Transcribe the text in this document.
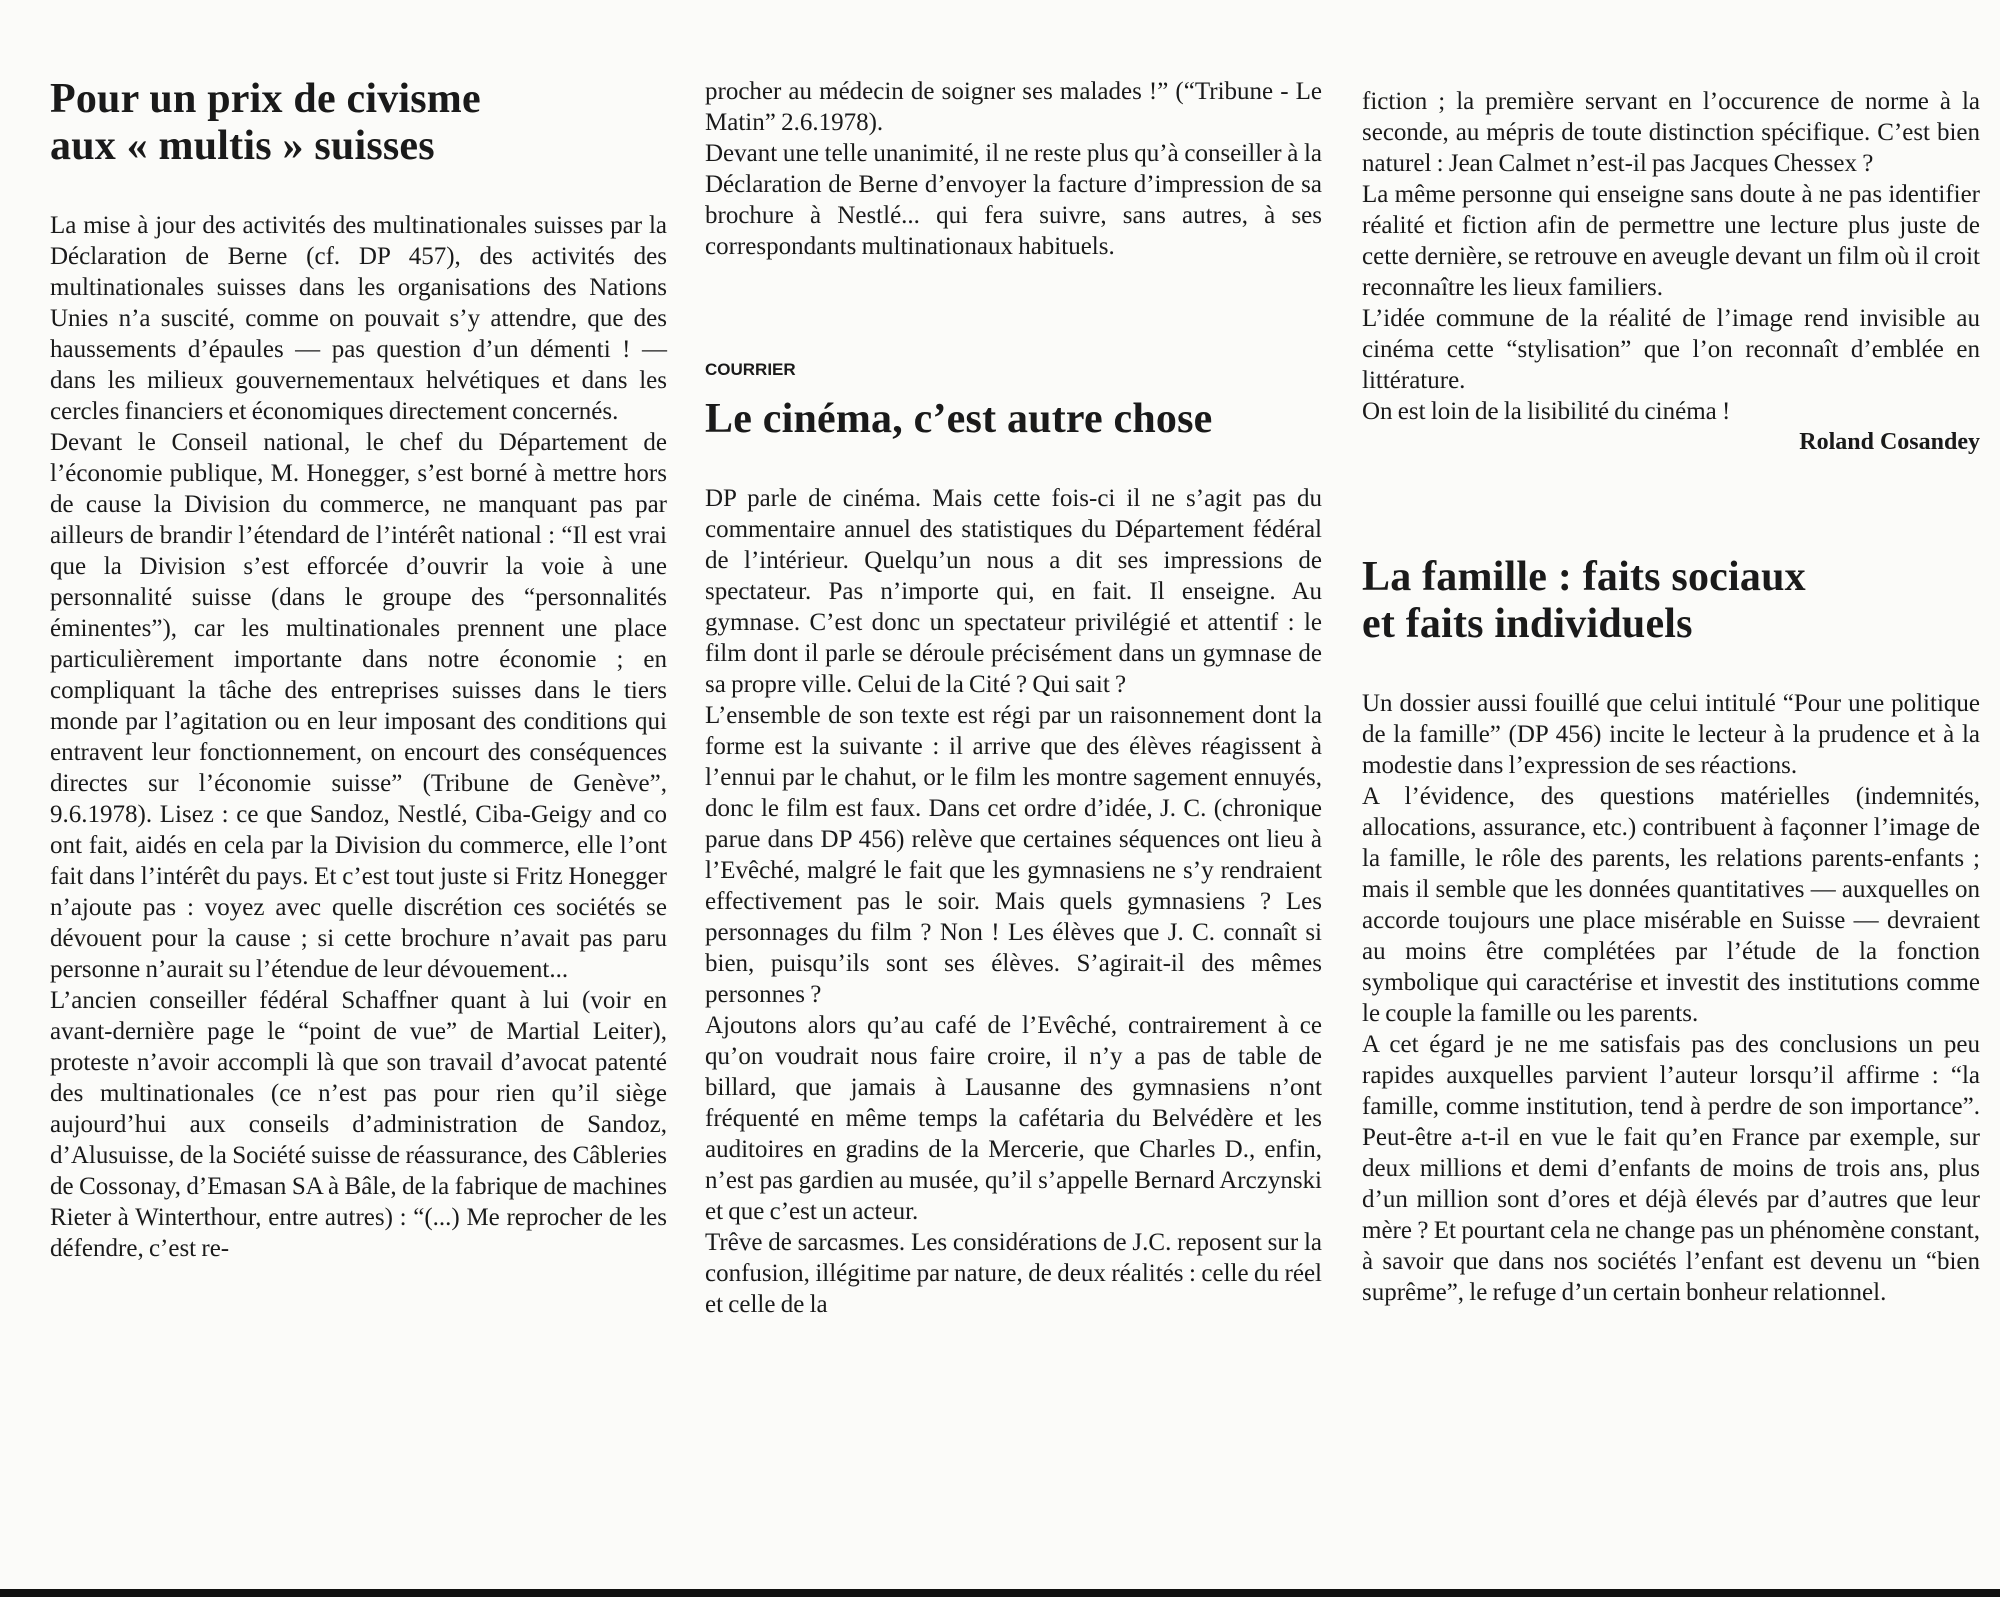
Pour un prix de civisme
aux « multis » suisses

La mise à jour des activités des multinationales suisses par la Déclaration de Berne (cf. DP 457), des activités des multinationales suisses dans les organisations des Nations Unies n’a suscité, comme on pouvait s’y attendre, que des haussements d’épaules — pas question d’un démenti ! — dans les milieux gouvernementaux helvétiques et dans les cercles financiers et économiques directement concernés.

Devant le Conseil national, le chef du Département de l’économie publique, M. Honegger, s’est borné à mettre hors de cause la Division du commerce, ne manquant pas par ailleurs de brandir l’étendard de l’intérêt national : “Il est vrai que la Division s’est efforcée d’ouvrir la voie à une personnalité suisse (dans le groupe des “personnalités éminentes”), car les multinationales prennent une place particulièrement importante dans notre économie ; en compliquant la tâche des entreprises suisses dans le tiers monde par l’agitation ou en leur imposant des conditions qui entravent leur fonctionnement, on encourt des conséquences directes sur l’économie suisse” (Tribune de Genève”, 9.6.1978). Lisez : ce que Sandoz, Nestlé, Ciba-Geigy and co ont fait, aidés en cela par la Division du commerce, elle l’ont fait dans l’intérêt du pays. Et c’est tout juste si Fritz Honegger n’ajoute pas : voyez avec quelle discrétion ces sociétés se dévouent pour la cause ; si cette brochure n’avait pas paru personne n’aurait su l’étendue de leur dévouement...

L’ancien conseiller fédéral Schaffner quant à lui (voir en avant-dernière page le “point de vue” de Martial Leiter), proteste n’avoir accompli là que son travail d’avocat patenté des multinationales (ce n’est pas pour rien qu’il siège aujourd’hui aux conseils d’administration de Sandoz, d’Alusuisse, de la Société suisse de réassurance, des Câbleries de Cossonay, d’Emasan SA à Bâle, de la fabrique de machines Rieter à Winterthour, entre autres) : “(...) Me reprocher de les défendre, c’est re-

procher au médecin de soigner ses malades !” (“Tribune - Le Matin” 2.6.1978).

Devant une telle unanimité, il ne reste plus qu’à conseiller à la Déclaration de Berne d’envoyer la facture d’impression de sa brochure à Nestlé... qui fera suivre, sans autres, à ses correspondants multinationaux habituels.

COURRIER
Le cinéma, c’est autre chose

DP parle de cinéma. Mais cette fois-ci il ne s’agit pas du commentaire annuel des statistiques du Département fédéral de l’intérieur. Quelqu’un nous a dit ses impressions de spectateur. Pas n’importe qui, en fait. Il enseigne. Au gymnase. C’est donc un spectateur privilégié et attentif : le film dont il parle se déroule précisément dans un gymnase de sa propre ville. Celui de la Cité ? Qui sait ?

L’ensemble de son texte est régi par un raisonnement dont la forme est la suivante : il arrive que des élèves réagissent à l’ennui par le chahut, or le film les montre sagement ennuyés, donc le film est faux. Dans cet ordre d’idée, J. C. (chronique parue dans DP 456) relève que certaines séquences ont lieu à l’Evêché, malgré le fait que les gymnasiens ne s’y rendraient effectivement pas le soir. Mais quels gymnasiens ? Les personnages du film ? Non ! Les élèves que J. C. connaît si bien, puisqu’ils sont ses élèves. S’agirait-il des mêmes personnes ?

Ajoutons alors qu’au café de l’Evêché, contrairement à ce qu’on voudrait nous faire croire, il n’y a pas de table de billard, que jamais à Lausanne des gymnasiens n’ont fréquenté en même temps la cafétaria du Belvédère et les auditoires en gradins de la Mercerie, que Charles D., enfin, n’est pas gardien au musée, qu’il s’appelle Bernard Arczynski et que c’est un acteur.

Trêve de sarcasmes. Les considérations de J.C. reposent sur la confusion, illégitime par nature, de deux réalités : celle du réel et celle de la

fiction ; la première servant en l’occurence de norme à la seconde, au mépris de toute distinction spécifique. C’est bien naturel : Jean Calmet n’est-il pas Jacques Chessex ?

La même personne qui enseigne sans doute à ne pas identifier réalité et fiction afin de permettre une lecture plus juste de cette dernière, se retrouve en aveugle devant un film où il croit reconnaître les lieux familiers.

L’idée commune de la réalité de l’image rend invisible au cinéma cette “stylisation” que l’on reconnaît d’emblée en littérature.

On est loin de la lisibilité du cinéma !

Roland Cosandey

La famille : faits sociaux
et faits individuels

Un dossier aussi fouillé que celui intitulé “Pour une politique de la famille” (DP 456) incite le lecteur à la prudence et à la modestie dans l’expression de ses réactions.

A l’évidence, des questions matérielles (indemnités, allocations, assurance, etc.) contribuent à façonner l’image de la famille, le rôle des parents, les relations parents-enfants ; mais il semble que les données quantitatives — auxquelles on accorde toujours une place misérable en Suisse — devraient au moins être complétées par l’étude de la fonction symbolique qui caractérise et investit des institutions comme le couple la famille ou les parents.

A cet égard je ne me satisfais pas des conclusions un peu rapides auxquelles parvient l’auteur lorsqu’il affirme : “la famille, comme institution, tend à perdre de son importance”. Peut-être a-t-il en vue le fait qu’en France par exemple, sur deux millions et demi d’enfants de moins de trois ans, plus d’un million sont d’ores et déjà élevés par d’autres que leur mère ? Et pourtant cela ne change pas un phénomène constant, à savoir que dans nos sociétés l’enfant est devenu un “bien suprême”, le refuge d’un certain bonheur relationnel.
